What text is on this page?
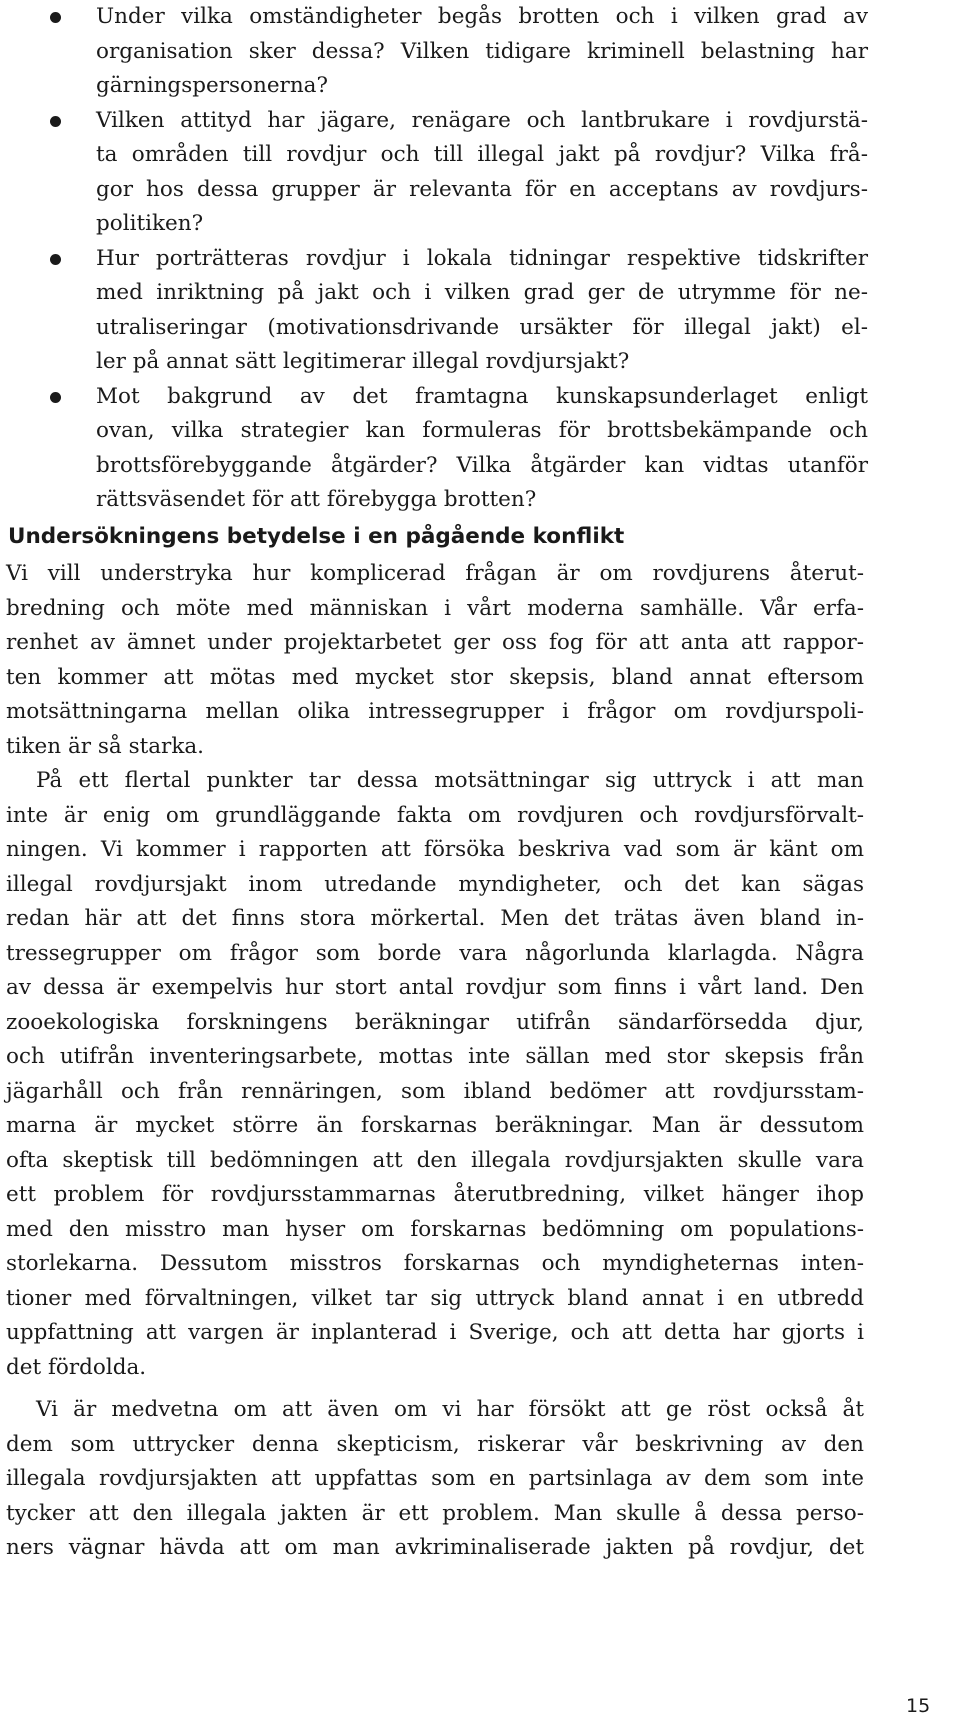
Under vilka omständigheter begås brotten och i vilken grad av
organisation sker dessa? Vilken tidigare kriminell belastning har
gärningspersonerna?
Vilken attityd har jägare, renägare och lantbrukare i rovdjurstä-
ta områden till rovdjur och till illegal jakt på rovdjur? Vilka frå-
gor hos dessa grupper är relevanta för en acceptans av rovdjurs-
politiken?
Hur porträtteras rovdjur i lokala tidningar respektive tidskrifter
med inriktning på jakt och i vilken grad ger de utrymme för ne-
utraliseringar (motivationsdrivande ursäkter för illegal jakt) el-
ler på annat sätt legitimerar illegal rovdjursjakt?
Mot bakgrund av det framtagna kunskapsunderlaget enligt
ovan, vilka strategier kan formuleras för brottsbekämpande och
brottsförebyggande åtgärder? Vilka åtgärder kan vidtas utanför
rättsväsendet för att förebygga brotten?
Undersökningens betydelse i en pågående konflikt

Vi vill understryka hur komplicerad frågan är om rovdjurens återut-
bredning och möte med människan i vårt moderna samhälle. Vår erfa-
renhet av ämnet under projektarbetet ger oss fog för att anta att rappor-
ten kommer att mötas med mycket stor skepsis, bland annat eftersom
motsättningarna mellan olika intressegrupper i frågor om rovdjurspoli-
tiken är så starka.

På ett flertal punkter tar dessa motsättningar sig uttryck i att man
inte är enig om grundläggande fakta om rovdjuren och rovdjursförvalt-
ningen. Vi kommer i rapporten att försöka beskriva vad som är känt om
illegal rovdjursjakt inom utredande myndigheter, och det kan sägas
redan här att det finns stora mörkertal. Men det trätas även bland in-
tressegrupper om frågor som borde vara någorlunda klarlagda. Några
av dessa är exempelvis hur stort antal rovdjur som finns i vårt land. Den
zooekologiska forskningens beräkningar utifrån sändarförsedda djur,
och utifrån inventeringsarbete, mottas inte sällan med stor skepsis från
jägarhåll och från rennäringen, som ibland bedömer att rovdjursstam-
marna är mycket större än forskarnas beräkningar. Man är dessutom
ofta skeptisk till bedömningen att den illegala rovdjursjakten skulle vara
ett problem för rovdjursstammarnas återutbredning, vilket hänger ihop
med den misstro man hyser om forskarnas bedömning om populations-
storlekarna. Dessutom misstros forskarnas och myndigheternas inten-
tioner med förvaltningen, vilket tar sig uttryck bland annat i en utbredd
uppfattning att vargen är inplanterad i Sverige, och att detta har gjorts i
det fördolda.

Vi är medvetna om att även om vi har försökt att ge röst också åt
dem som uttrycker denna skepticism, riskerar vår beskrivning av den
illegala rovdjursjakten att uppfattas som en partsinlaga av dem som inte
tycker att den illegala jakten är ett problem. Man skulle å dessa perso-
ners vägnar hävda att om man avkriminaliserade jakten på rovdjur, det

15
